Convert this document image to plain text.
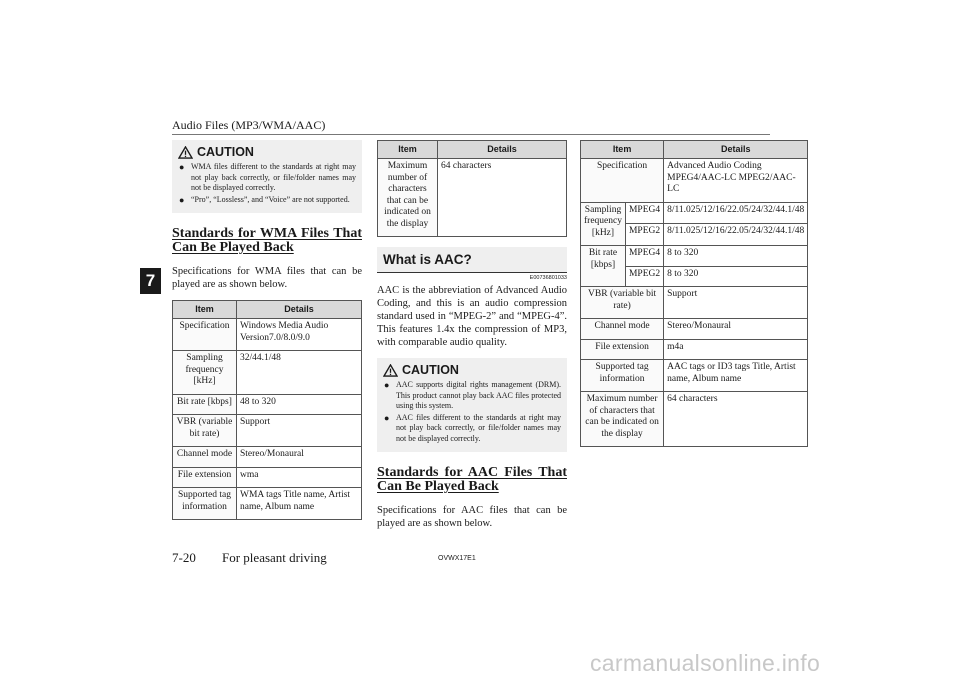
Audio Files (MP3/WMA/AAC)
7
CAUTION
● WMA files different to the standards at right may not play back correctly, or file/folder names may not be displayed correctly.
● “Pro”, “Lossless”, and “Voice” are not supported.
Standards for WMA Files That Can Be Played Back

Specifications for WMA files that can be played are as shown below.

Item	Details
Specification	Windows Media Audio Version7.0/8.0/9.0
Sampling frequency [kHz]	32/44.1/48
Bit rate [kbps]	48 to 320
VBR (variable bit rate)	Support
Channel mode	Stereo/Monaural
File extension	wma
Supported tag information	WMA tags Title name, Artist name, Album name
Item	Details
Maximum number of characters that can be indicated on the display	64 characters
What is AAC?
E00736801033

AAC is the abbreviation of Advanced Audio Coding, and this is an audio compression standard used in “MPEG-2” and “MPEG-4”. This features 1.4x the compression of MP3, with comparable audio quality.

CAUTION
● AAC supports digital rights management (DRM). This product cannot play back AAC files protected using this system.
● AAC files different to the standards at right may not play back correctly, or file/folder names may not be displayed correctly.
Standards for AAC Files That Can Be Played Back

Specifications for AAC files that can be played are as shown below.

Item		Details
Specification		Advanced Audio Coding MPEG4/AAC-LC MPEG2/AAC-LC
Sampling frequency [kHz]	MPEG4	8/11.025/12/16/22.05/24/32/44.1/48
	MPEG2	8/11.025/12/16/22.05/24/32/44.1/48
Bit rate [kbps]	MPEG4	8 to 320
	MPEG2	8 to 320
VBR (variable bit rate)		Support
Channel mode		Stereo/Monaural
File extension		m4a
Supported tag information		AAC tags or ID3 tags Title, Artist name, Album name
Maximum number of characters that can be indicated on the display		64 characters
7-20 For pleasant driving	OVWX17E1
carmanualsonline.info
